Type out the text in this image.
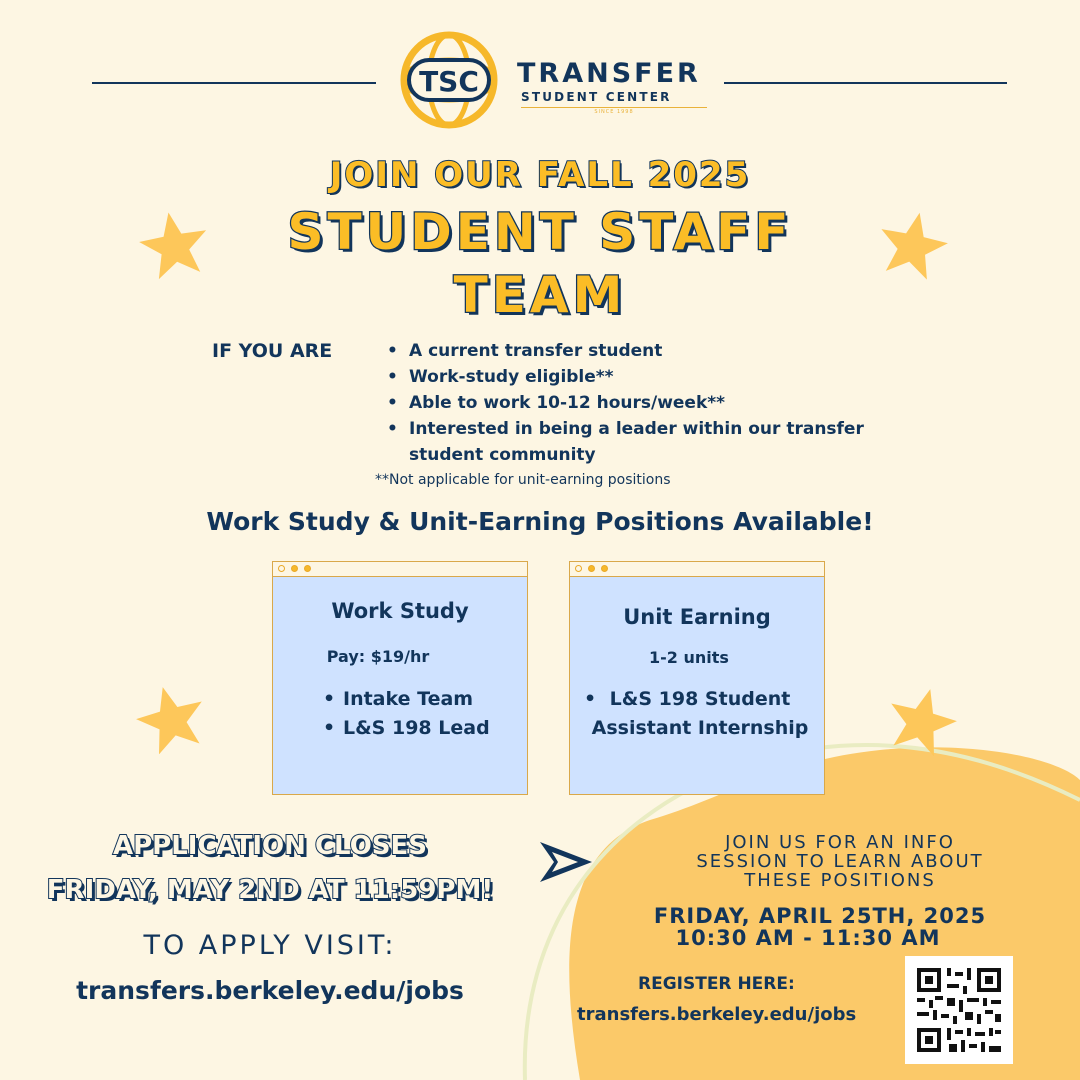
TSC TRANSFER
STUDENT CENTER
SINCE 1998
JOIN OUR FALL 2025
STUDENT STAFF
TEAM
IF YOU ARE
•	A current transfer student
• Work-study eligible**
• Able to work 10-12 hours/week**
• Interested in being a leader within our transfer student community
**Not applicable for unit-earning positions
Work Study & Unit-Earning Positions Available!
Work Study
Pay: $19/hr
• Intake Team
• L&S 198 Lead
Unit Earning
1-2 units
• L&S 198 Student Assistant Internship
APPLICATION CLOSES
FRIDAY, MAY 2ND AT 11:59PM!
TO APPLY VISIT:
transfers.berkeley.edu/jobs
JOIN US FOR AN INFO
SESSION TO LEARN ABOUT
THESE POSITIONS
FRIDAY, APRIL 25TH, 2025
10:30 AM - 11:30 AM
REGISTER HERE:
transfers.berkeley.edu/jobs
